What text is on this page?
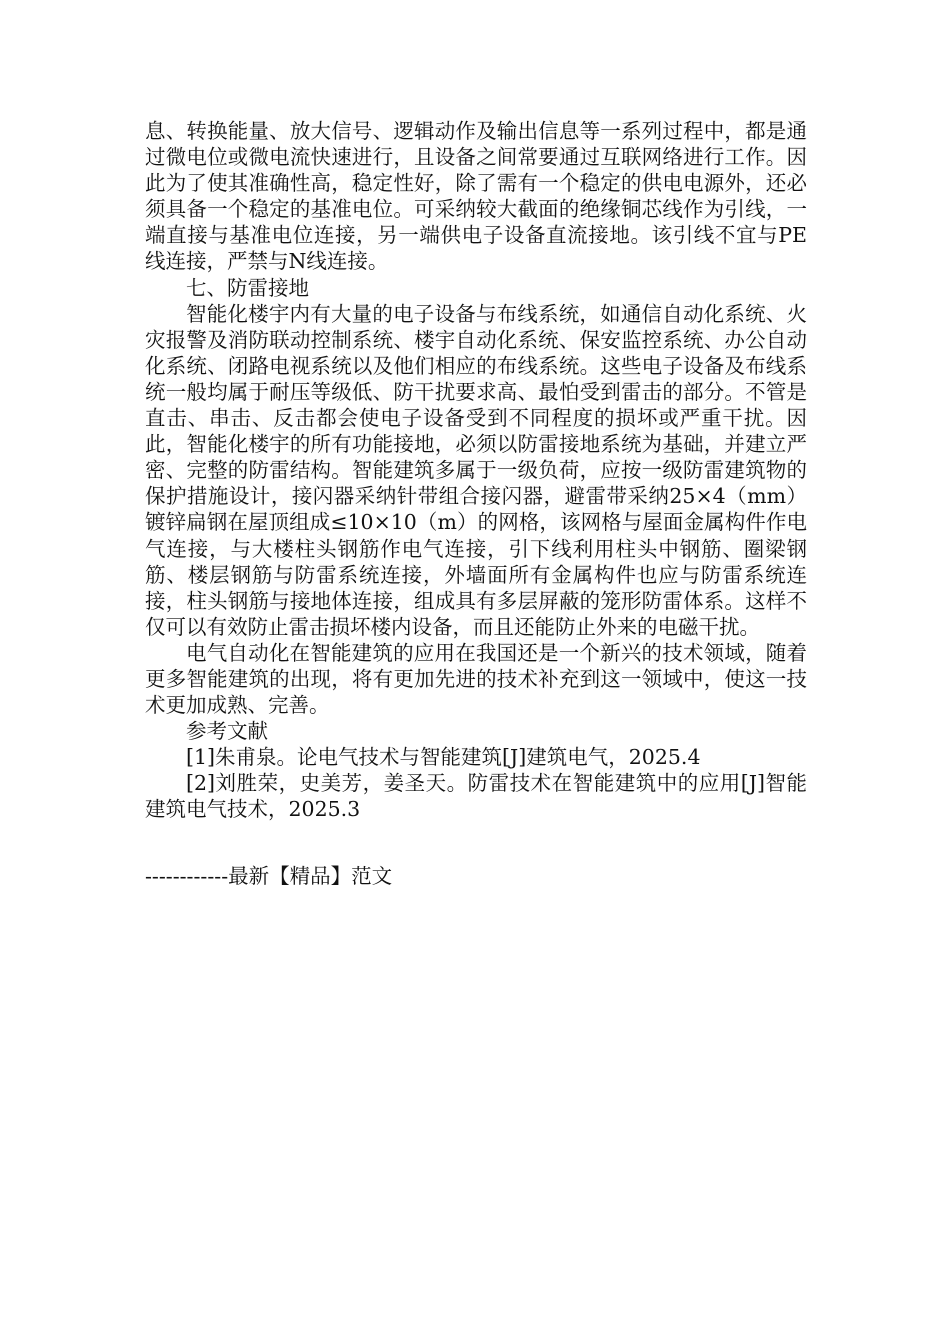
息、转换能量、放大信号、逻辑动作及输出信息等一系列过程中，都是通过微电位或微电流快速进行，且设备之间常要通过互联网络进行工作。因此为了使其准确性高，稳定性好，除了需有一个稳定的供电电源外，还必须具备一个稳定的基准电位。可采纳较大截面的绝缘铜芯线作为引线，一端直接与基准电位连接，另一端供电子设备直流接地。该引线不宜与PE线连接，严禁与N线连接。

七、防雷接地

智能化楼宇内有大量的电子设备与布线系统，如通信自动化系统、火灾报警及消防联动控制系统、楼宇自动化系统、保安监控系统、办公自动化系统、闭路电视系统以及他们相应的布线系统。这些电子设备及布线系统一般均属于耐压等级低、防干扰要求高、最怕受到雷击的部分。不管是直击、串击、反击都会使电子设备受到不同程度的损坏或严重干扰。因此，智能化楼宇的所有功能接地，必须以防雷接地系统为基础，并建立严密、完整的防雷结构。智能建筑多属于一级负荷，应按一级防雷建筑物的保护措施设计，接闪器采纳针带组合接闪器，避雷带采纳25×4（mm）镀锌扁钢在屋顶组成≤10×10（m）的网格，该网格与屋面金属构件作电气连接，与大楼柱头钢筋作电气连接，引下线利用柱头中钢筋、圈梁钢筋、楼层钢筋与防雷系统连接，外墙面所有金属构件也应与防雷系统连接，柱头钢筋与接地体连接，组成具有多层屏蔽的笼形防雷体系。这样不仅可以有效防止雷击损坏楼内设备，而且还能防止外来的电磁干扰。

电气自动化在智能建筑的应用在我国还是一个新兴的技术领域，随着更多智能建筑的出现，将有更加先进的技术补充到这一领域中，使这一技术更加成熟、完善。

参考文献

[1]朱甫泉。论电气技术与智能建筑[J]建筑电气，2025.4

[2]刘胜荣，史美芳，姜圣天。防雷技术在智能建筑中的应用[J]智能建筑电气技术，2025.3

------------最新【精品】范文
